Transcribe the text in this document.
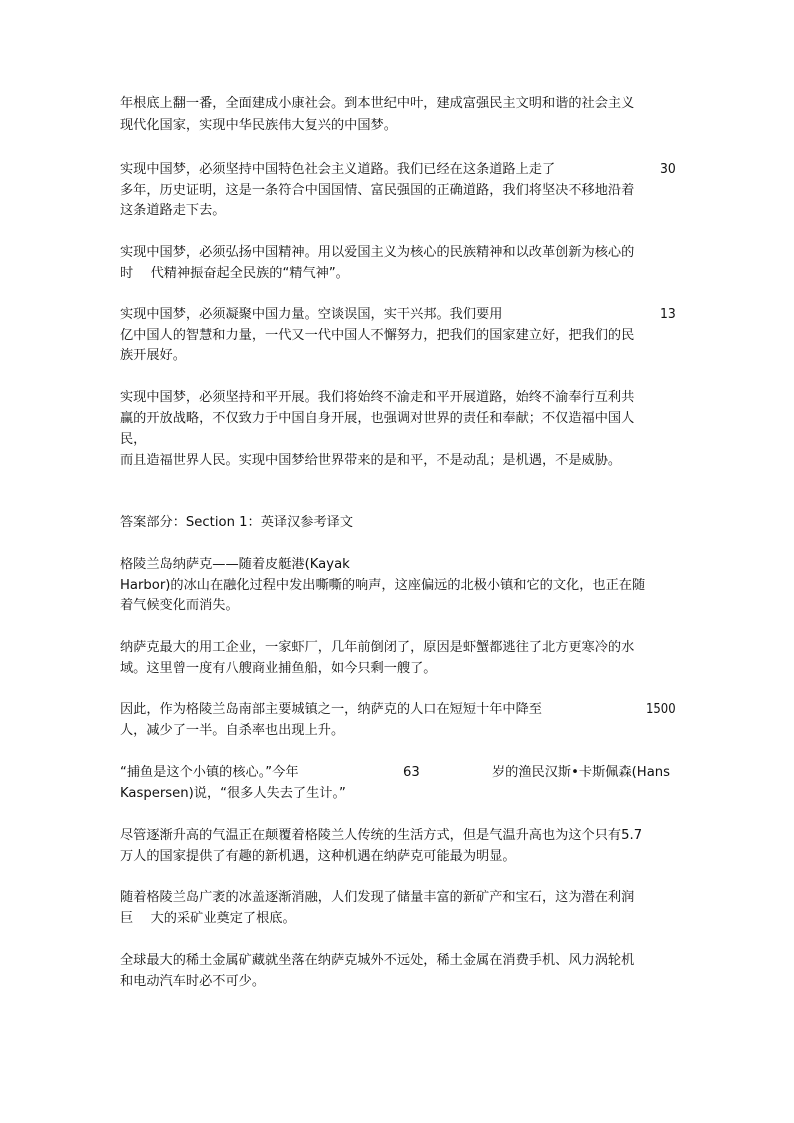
年根底上翻一番，全面建成小康社会。到本世纪中叶，建成富强民主文明和谐的社会主义
现代化国家，实现中华民族伟大复兴的中国梦。
实现中国梦，必须坚持中国特色社会主义道路。我们已经在这条道路上走了	30
多年，历史证明，这是一条符合中国国情、富民强国的正确道路，我们将坚决不移地沿着
这条道路走下去。
实现中国梦，必须弘扬中国精神。用以爱国主义为核心的民族精神和以改革创新为核心的
时　 代精神振奋起全民族的“精气神”。
实现中国梦，必须凝聚中国力量。空谈误国，实干兴邦。我们要用	13
亿中国人的智慧和力量，一代又一代中国人不懈努力，把我们的国家建立好，把我们的民
族开展好。
实现中国梦，必须坚持和平开展。我们将始终不渝走和平开展道路，始终不渝奉行互利共
赢的开放战略，不仅致力于中国自身开展，也强调对世界的责任和奉献；不仅造福中国人
民，
而且造福世界人民。实现中国梦给世界带来的是和平，不是动乱；是机遇，不是威胁。
答案部分：Section 1：英译汉参考译文
格陵兰岛纳萨克——随着皮艇港(Kayak
Harbor)的冰山在融化过程中发出嘶嘶的响声，这座偏远的北极小镇和它的文化，也正在随
着气候变化而消失。
纳萨克最大的用工企业，一家虾厂，几年前倒闭了，原因是虾蟹都逃往了北方更寒冷的水
域。这里曾一度有八艘商业捕鱼船，如今只剩一艘了。
因此，作为格陵兰岛南部主要城镇之一，纳萨克的人口在短短十年中降至	1500
人，减少了一半。自杀率也出现上升。
“捕鱼是这个小镇的核心。”今年	63	岁的渔民汉斯•卡斯佩森(Hans
Kaspersen)说，“很多人失去了生计。”
尽管逐渐升高的气温正在颠覆着格陵兰人传统的生活方式，但是气温升高也为这个只有5.7
万人的国家提供了有趣的新机遇，这种机遇在纳萨克可能最为明显。
随着格陵兰岛广袤的冰盖逐渐消融，人们发现了储量丰富的新矿产和宝石，这为潜在利润
巨　 大的采矿业奠定了根底。
全球最大的稀土金属矿藏就坐落在纳萨克城外不远处，稀土金属在消费手机、风力涡轮机
和电动汽车时必不可少。
